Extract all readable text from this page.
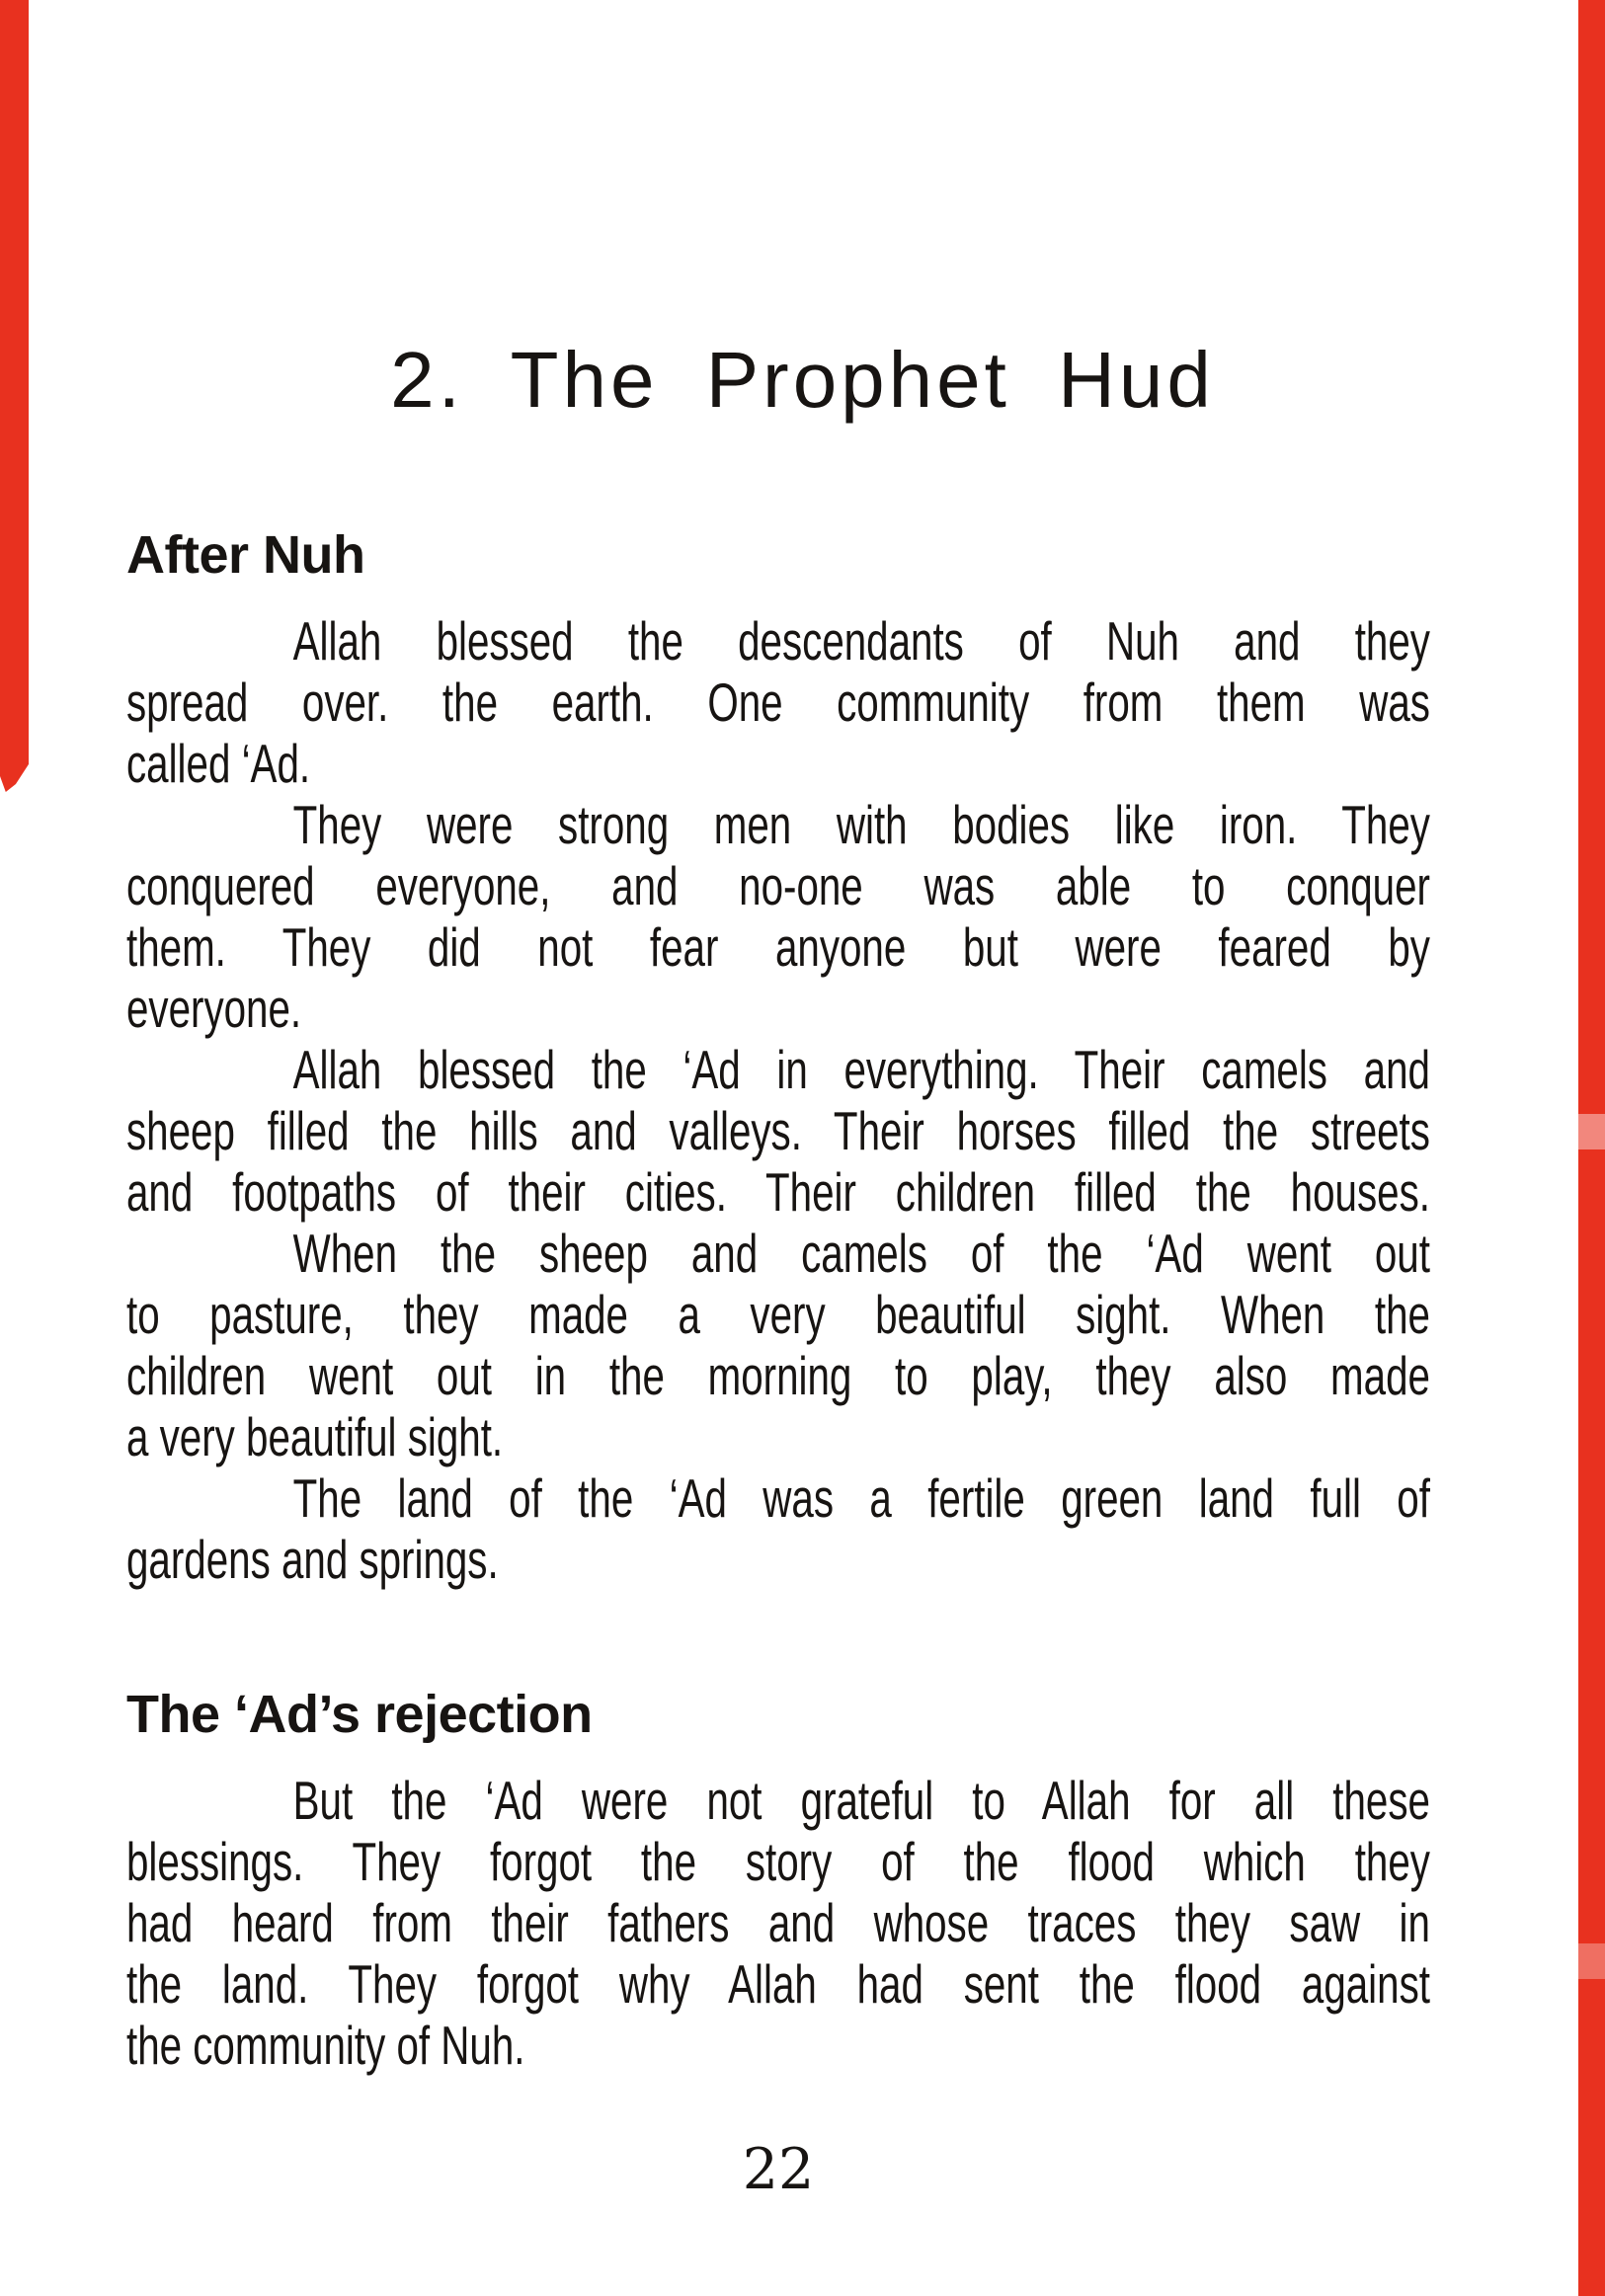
2. The Prophet Hud
After Nuh
Allah blessed the descendants of Nuh and they
spread over. the earth. One community from them was
called ‘Ad.
They were strong men with bodies like iron. They
conquered everyone, and no-one was able to conquer
them. They did not fear anyone but were feared by
everyone.
Allah blessed the ‘Ad in everything. Their camels and
sheep filled the hills and valleys. Their horses filled the streets
and footpaths of their cities. Their children filled the houses.
When the sheep and camels of the ‘Ad went out
to pasture, they made a very beautiful sight. When the
children went out in the morning to play, they also made
a very beautiful sight.
The land of the ‘Ad was a fertile green land full of
gardens and springs.
The ‘Ad’s rejection
But the ‘Ad were not grateful to Allah for all these
blessings. They forgot the story of the flood which they
had heard from their fathers and whose traces they saw in
the land. They forgot why Allah had sent the flood against
the community of Nuh.
22
